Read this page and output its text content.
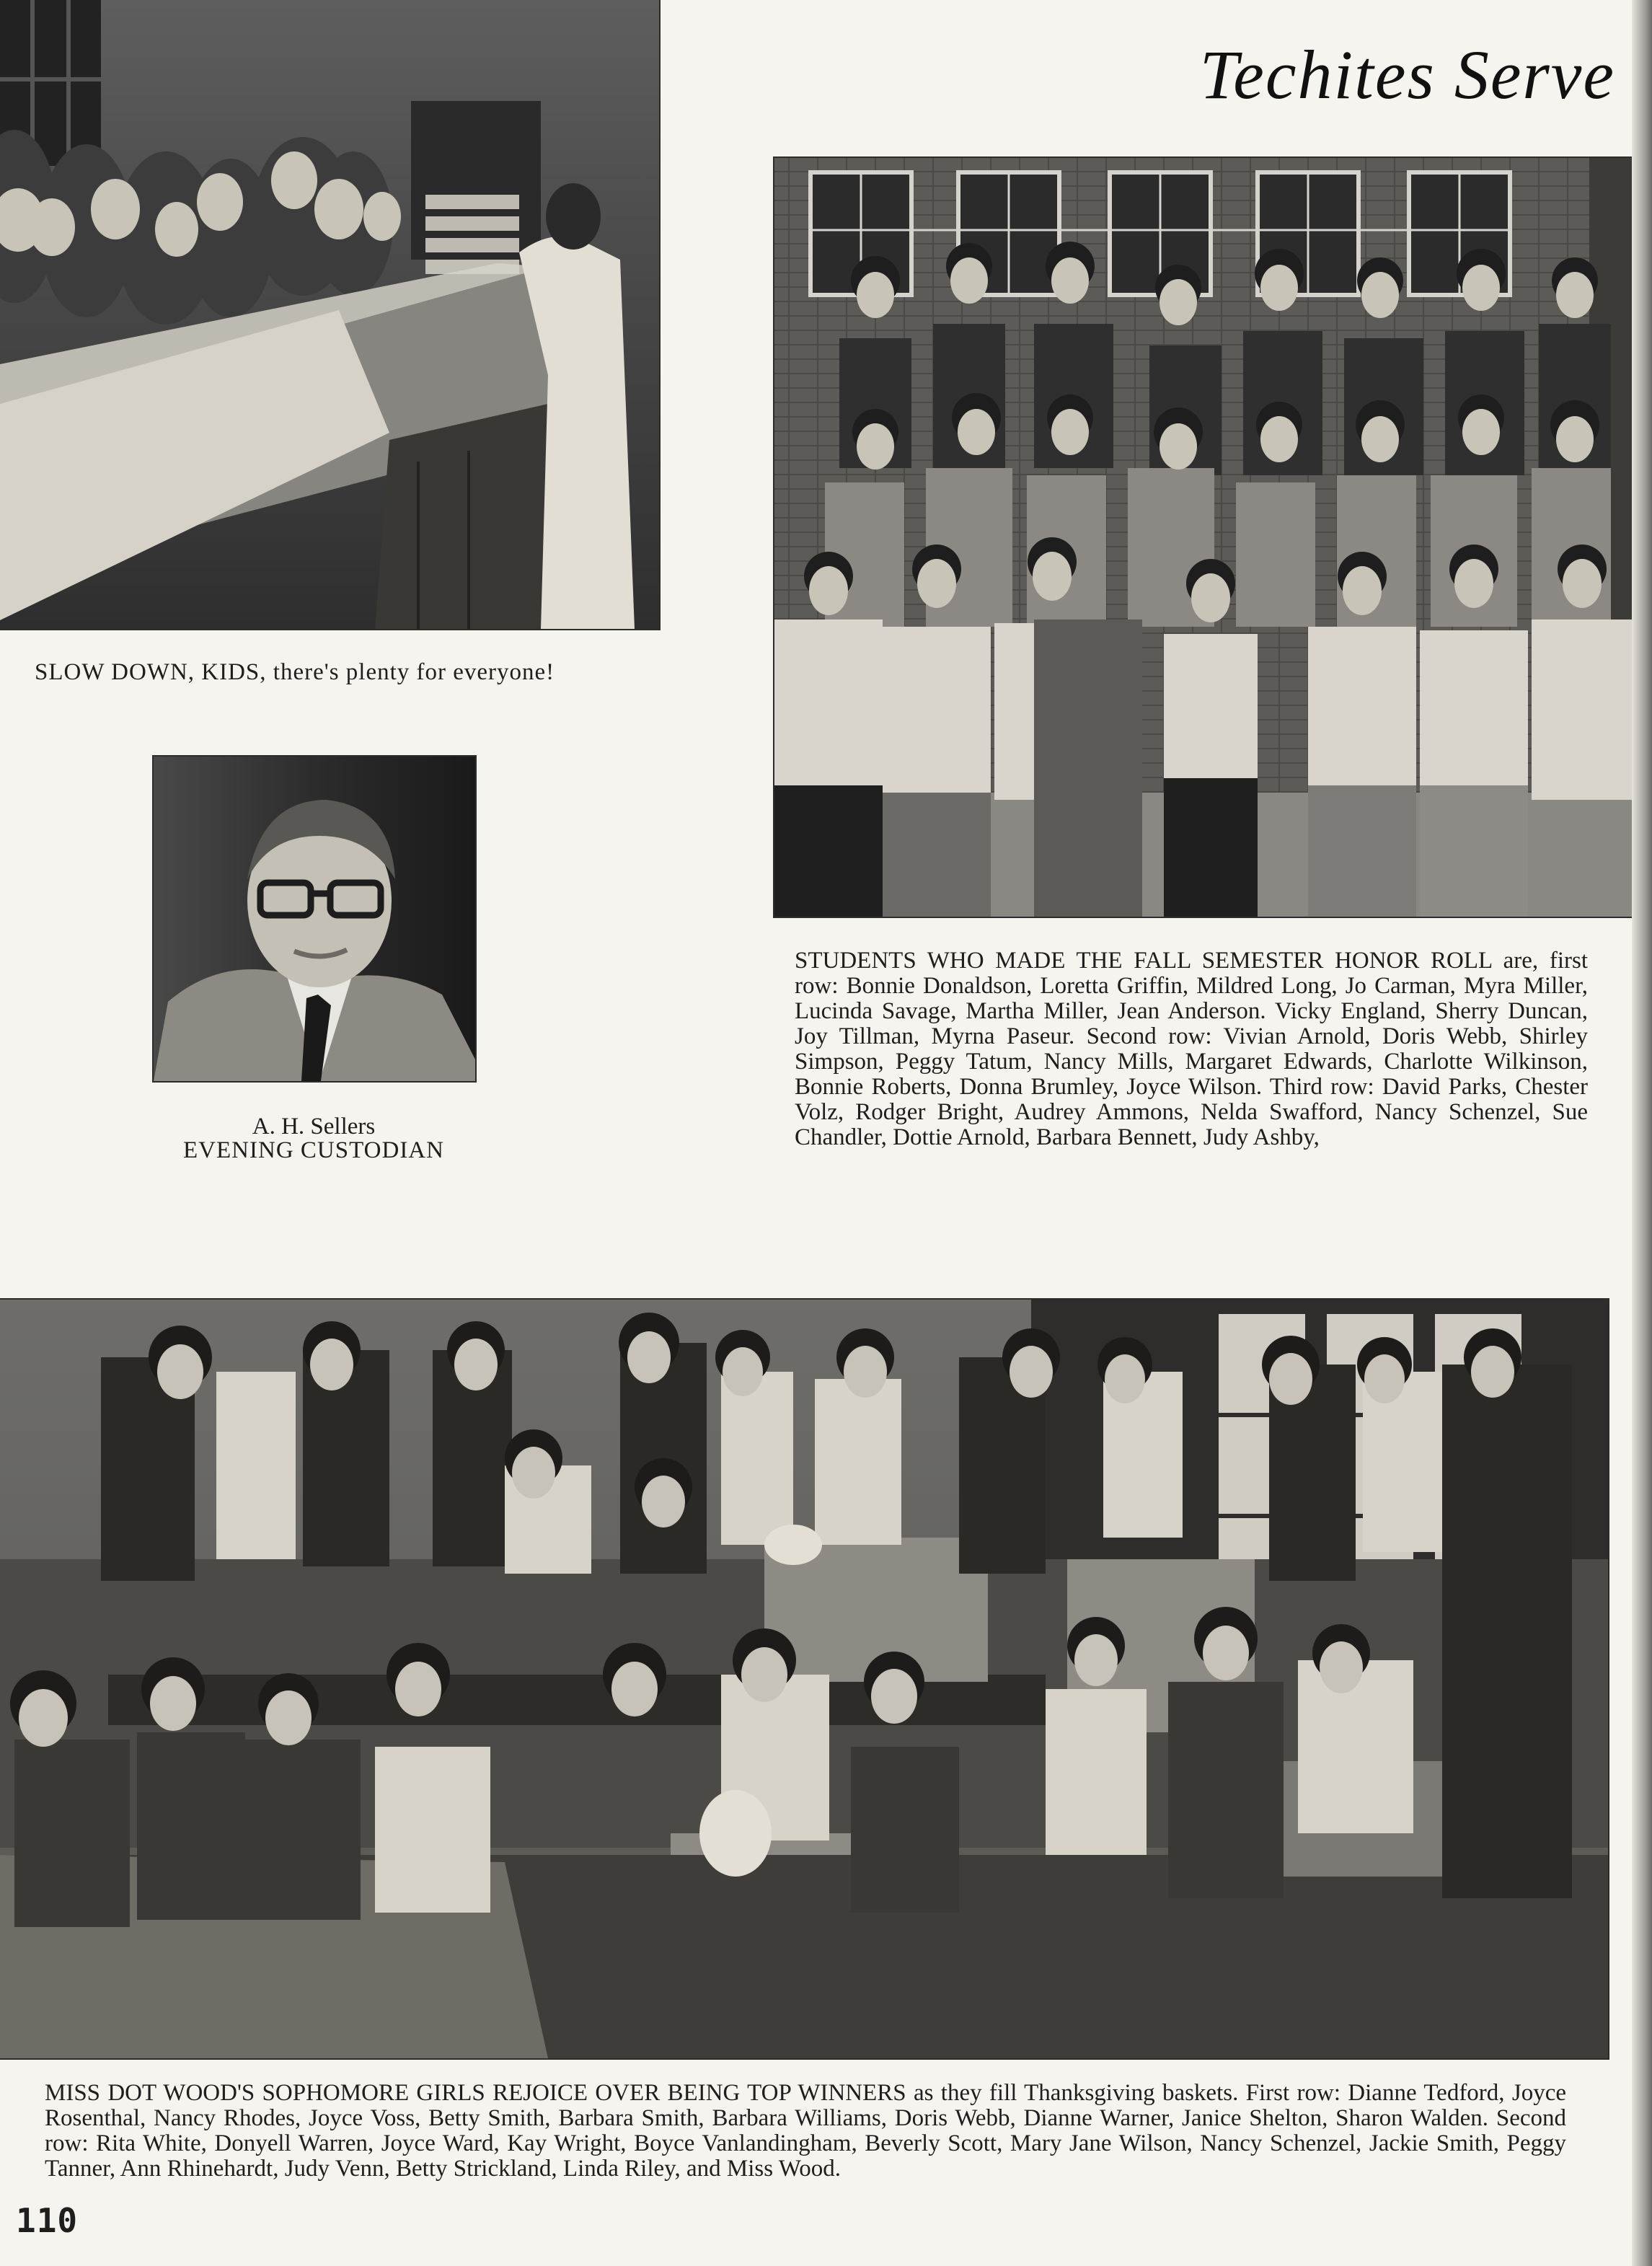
Techites Serve

SLOW DOWN, KIDS, there's plenty for everyone!

A. H. Sellers

EVENING CUSTODIAN

STUDENTS WHO MADE THE FALL SEMESTER HONOR ROLL are, first row: Bonnie Donaldson, Loretta Griffin, Mildred Long, Jo Carman, Myra Miller, Lucinda Savage, Martha Miller, Jean Anderson. Vicky England, Sherry Duncan, Joy Tillman, Myrna Paseur. Second row: Vivian Arnold, Doris Webb, Shirley Simpson, Peggy Tatum, Nancy Mills, Margaret Edwards, Charlotte Wilkinson, Bonnie Roberts, Donna Brumley, Joyce Wilson. Third row: David Parks, Chester Volz, Rodger Bright, Audrey Ammons, Nelda Swafford, Nancy Schenzel, Sue Chandler, Dottie Arnold, Barbara Bennett, Judy Ashby,

MISS DOT WOOD'S SOPHOMORE GIRLS REJOICE OVER BEING TOP WINNERS as they fill Thanksgiving baskets. First row: Dianne Tedford, Joyce Rosenthal, Nancy Rhodes, Joyce Voss, Betty Smith, Barbara Smith, Barbara Williams, Doris Webb, Dianne Warner, Janice Shelton, Sharon Walden. Second row: Rita White, Donyell Warren, Joyce Ward, Kay Wright, Boyce Vanlandingham, Beverly Scott, Mary Jane Wilson, Nancy Schenzel, Jackie Smith, Peggy Tanner, Ann Rhinehardt, Judy Venn, Betty Strickland, Linda Riley, and Miss Wood.

110
